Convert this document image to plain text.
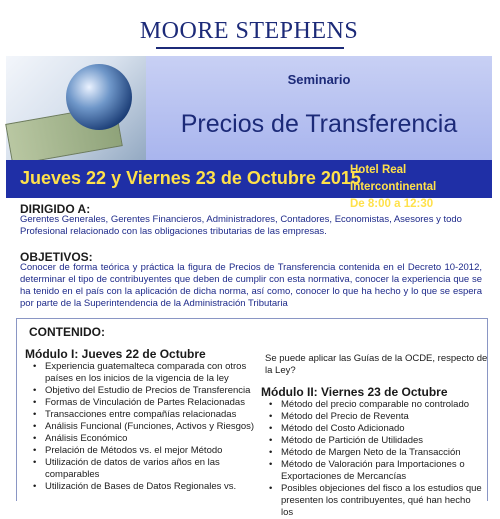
MOORE STEPHENS
Seminario
Precios de Transferencia
Jueves 22 y Viernes 23 de Octubre 2015
Hotel Real Intercontinental
De 8:00 a 12:30
DIRIGIDO A:
Gerentes Generales, Gerentes Financieros, Administradores, Contadores, Economistas, Asesores y todo Profesional relacionado con las obligaciones tributarias de las empresas.
OBJETIVOS:
Conocer de forma teórica y práctica la figura de Precios de Transferencia contenida en el Decreto 10-2012, determinar el tipo de contribuyentes que deben de cumplir con esta normativa, conocer la experiencia que se ha tenido en el país con la aplicación de dicha norma, así como, conocer lo que ha hecho y lo que se espera por parte de la Superintendencia de la Administración Tributaria
CONTENIDO:
Módulo I: Jueves 22 de Octubre
• Experiencia guatemalteca comparada con otros países en los inicios de la vigencia de la ley
• Objetivo del Estudio de Precios de Transferencia
• Formas de Vinculación de Partes Relacionadas
• Transacciones entre compañías relacionadas
• Análisis Funcional (Funciones, Activos y Riesgos)
• Análisis Económico
• Prelación de Métodos vs. el mejor Método
• Utilización de datos de varios años en las comparables
• Utilización de Bases de Datos Regionales vs.
Se puede aplicar las Guías de la OCDE, respecto de la Ley?
Módulo II: Viernes 23 de Octubre
• Método del precio comparable no controlado
• Método del Precio de Reventa
• Método del Costo Adicionado
• Método de Partición de Utilidades
• Método de Margen Neto de la Transacción
• Método de Valoración para Importaciones o Exportaciones de Mercancías
• Posibles objeciones del fisco a los estudios que presenten los contribuyentes, qué han hecho los
